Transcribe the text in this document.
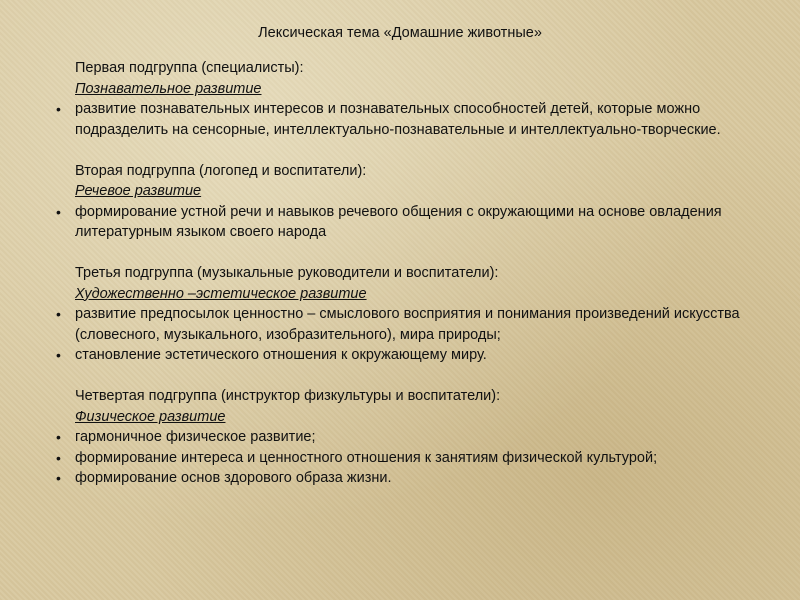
Лексическая тема «Домашние животные»
Первая подгруппа (специалисты):
Познавательное развитие
• развитие познавательных интересов и познавательных способностей детей, которые можно подразделить на сенсорные, интеллектуально-познавательные и интеллектуально-творческие.
Вторая подгруппа (логопед и воспитатели):
Речевое развитие
• формирование устной речи и навыков речевого общения с окружающими на основе овладения литературным языком своего народа
Третья подгруппа (музыкальные руководители и воспитатели):
Художественно –эстетическое развитие
• развитие предпосылок ценностно – смыслового восприятия и понимания произведений искусства (словесного, музыкального, изобразительного), мира природы;
• становление эстетического отношения к окружающему миру.
Четвертая подгруппа (инструктор физкультуры и воспитатели):
Физическое развитие
• гармоничное физическое развитие;
• формирование интереса и ценностного отношения к занятиям физической культурой;
• формирование основ здорового образа жизни.
